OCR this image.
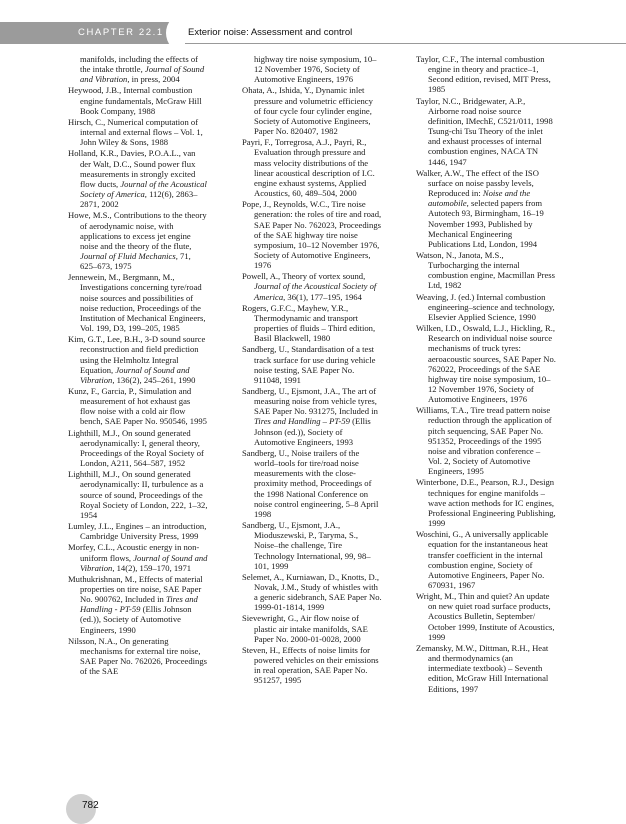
CHAPTER 22.1	Exterior noise: Assessment and control

manifolds, including the effects of the intake throttle, Journal of Sound and Vibration, in press, 2004

Heywood, J.B., Internal combustion engine fundamentals, McGraw Hill Book Company, 1988

Hirsch, C., Numerical computation of internal and external flows – Vol. 1, John Wiley & Sons, 1988

Holland, K.R., Davies, P.O.A.L., van der Walt, D.C., Sound power flux measurements in strongly excited flow ducts, Journal of the Acoustical Society of America, 112(6), 2863–2871, 2002

Howe, M.S., Contributions to the theory of aerodynamic noise, with applications to excess jet engine noise and the theory of the flute, Journal of Fluid Mechanics, 71, 625–673, 1975

Jennewein, M., Bergmann, M., Investigations concerning tyre/road noise sources and possibilities of noise reduction, Proceedings of the Institution of Mechanical Engineers, Vol. 199, D3, 199–205, 1985

Kim, G.T., Lee, B.H., 3-D sound source reconstruction and field prediction using the Helmholtz Integral Equation, Journal of Sound and Vibration, 136(2), 245–261, 1990

Kunz, F., Garcia, P., Simulation and measurement of hot exhaust gas flow noise with a cold air flow bench, SAE Paper No. 950546, 1995

Lighthill, M.J., On sound generated aerodynamically: I, general theory, Proceedings of the Royal Society of London, A211, 564–587, 1952

Lighthill, M.J., On sound generated aerodynamically: II, turbulence as a source of sound, Proceedings of the Royal Society of London, 222, 1–32, 1954

Lumley, J.L., Engines – an introduction, Cambridge University Press, 1999

Morfey, C.L., Acoustic energy in non-uniform flows, Journal of Sound and Vibration, 14(2), 159–170, 1971

Muthukrishnan, M., Effects of material properties on tire noise, SAE Paper No. 900762, Included in Tires and Handling - PT-59 (Ellis Johnson (ed.)), Society of Automotive Engineers, 1990

Nilsson, N.A., On generating mechanisms for external tire noise, SAE Paper No. 762026, Proceedings of the SAE

highway tire noise symposium, 10–12 November 1976, Society of Automotive Engineers, 1976

Ohata, A., Ishida, Y., Dynamic inlet pressure and volumetric efficiency of four cycle four cylinder engine, Society of Automotive Engineers, Paper No. 820407, 1982

Payri, F., Torregrosa, A.J., Payri, R., Evaluation through pressure and mass velocity distributions of the linear acoustical description of I.C. engine exhaust systems, Applied Acoustics, 60, 489–504, 2000

Pope, J., Reynolds, W.C., Tire noise generation: the roles of tire and road, SAE Paper No. 762023, Proceedings of the SAE highway tire noise symposium, 10–12 November 1976, Society of Automotive Engineers, 1976

Powell, A., Theory of vortex sound, Journal of the Acoustical Society of America, 36(1), 177–195, 1964

Rogers, G.F.C., Mayhew, Y.R., Thermodynamic and transport properties of fluids – Third edition, Basil Blackwell, 1980

Sandberg, U., Standardisation of a test track surface for use during vehicle noise testing, SAE Paper No. 911048, 1991

Sandberg, U., Ejsmont, J.A., The art of measuring noise from vehicle tyres, SAE Paper No. 931275, Included in Tires and Handling – PT-59 (Ellis Johnson (ed.)), Society of Automotive Engineers, 1993

Sandberg, U., Noise trailers of the world–tools for tire/road noise measurements with the close-proximity method, Proceedings of the 1998 National Conference on noise control engineering, 5–8 April 1998

Sandberg, U., Ejsmont, J.A., Mioduszewski, P., Taryma, S., Noise–the challenge, Tire Technology International, 99, 98–101, 1999

Selemet, A., Kurniawan, D., Knotts, D., Novak, J.M., Study of whistles with a generic sidebranch, SAE Paper No. 1999-01-1814, 1999

Sievewright, G., Air flow noise of plastic air intake manifolds, SAE Paper No. 2000-01-0028, 2000

Steven, H., Effects of noise limits for powered vehicles on their emissions in real operation, SAE Paper No. 951257, 1995

Taylor, C.F., The internal combustion engine in theory and practice–1, Second edition, revised, MIT Press, 1985

Taylor, N.C., Bridgewater, A.P., Airborne road noise source definition, IMechE, C521/011, 1998 Tsung-chi Tsu Theory of the inlet and exhaust processes of internal combustion engines, NACA TN 1446, 1947

Walker, A.W., The effect of the ISO surface on noise passby levels, Reproduced in: Noise and the automobile, selected papers from Autotech 93, Birmingham, 16–19 November 1993, Published by Mechanical Engineering Publications Ltd, London, 1994

Watson, N., Janota, M.S., Turbocharging the internal combustion engine, Macmillan Press Ltd, 1982

Weaving, J. (ed.) Internal combustion engineering–science and technology, Elsevier Applied Science, 1990

Wilken, I.D., Oswald, L.J., Hickling, R., Research on individual noise source mechanisms of truck tyres: aeroacoustic sources, SAE Paper No. 762022, Proceedings of the SAE highway tire noise symposium, 10–12 November 1976, Society of Automotive Engineers, 1976

Williams, T.A., Tire tread pattern noise reduction through the application of pitch sequencing, SAE Paper No. 951352, Proceedings of the 1995 noise and vibration conference – Vol. 2, Society of Automotive Engineers, 1995

Winterbone, D.E., Pearson, R.J., Design techniques for engine manifolds – wave action methods for IC engines, Professional Engineering Publishing, 1999

Woschini, G., A universally applicable equation for the instantaneous heat transfer coefficient in the internal combustion engine, Society of Automotive Engineers, Paper No. 670931, 1967

Wright, M., Thin and quiet? An update on new quiet road surface products, Acoustics Bulletin, September/ October 1999, Institute of Acoustics, 1999

Zemansky, M.W., Dittman, R.H., Heat and thermodynamics (an intermediate textbook) – Seventh edition, McGraw Hill International Editions, 1997

782
